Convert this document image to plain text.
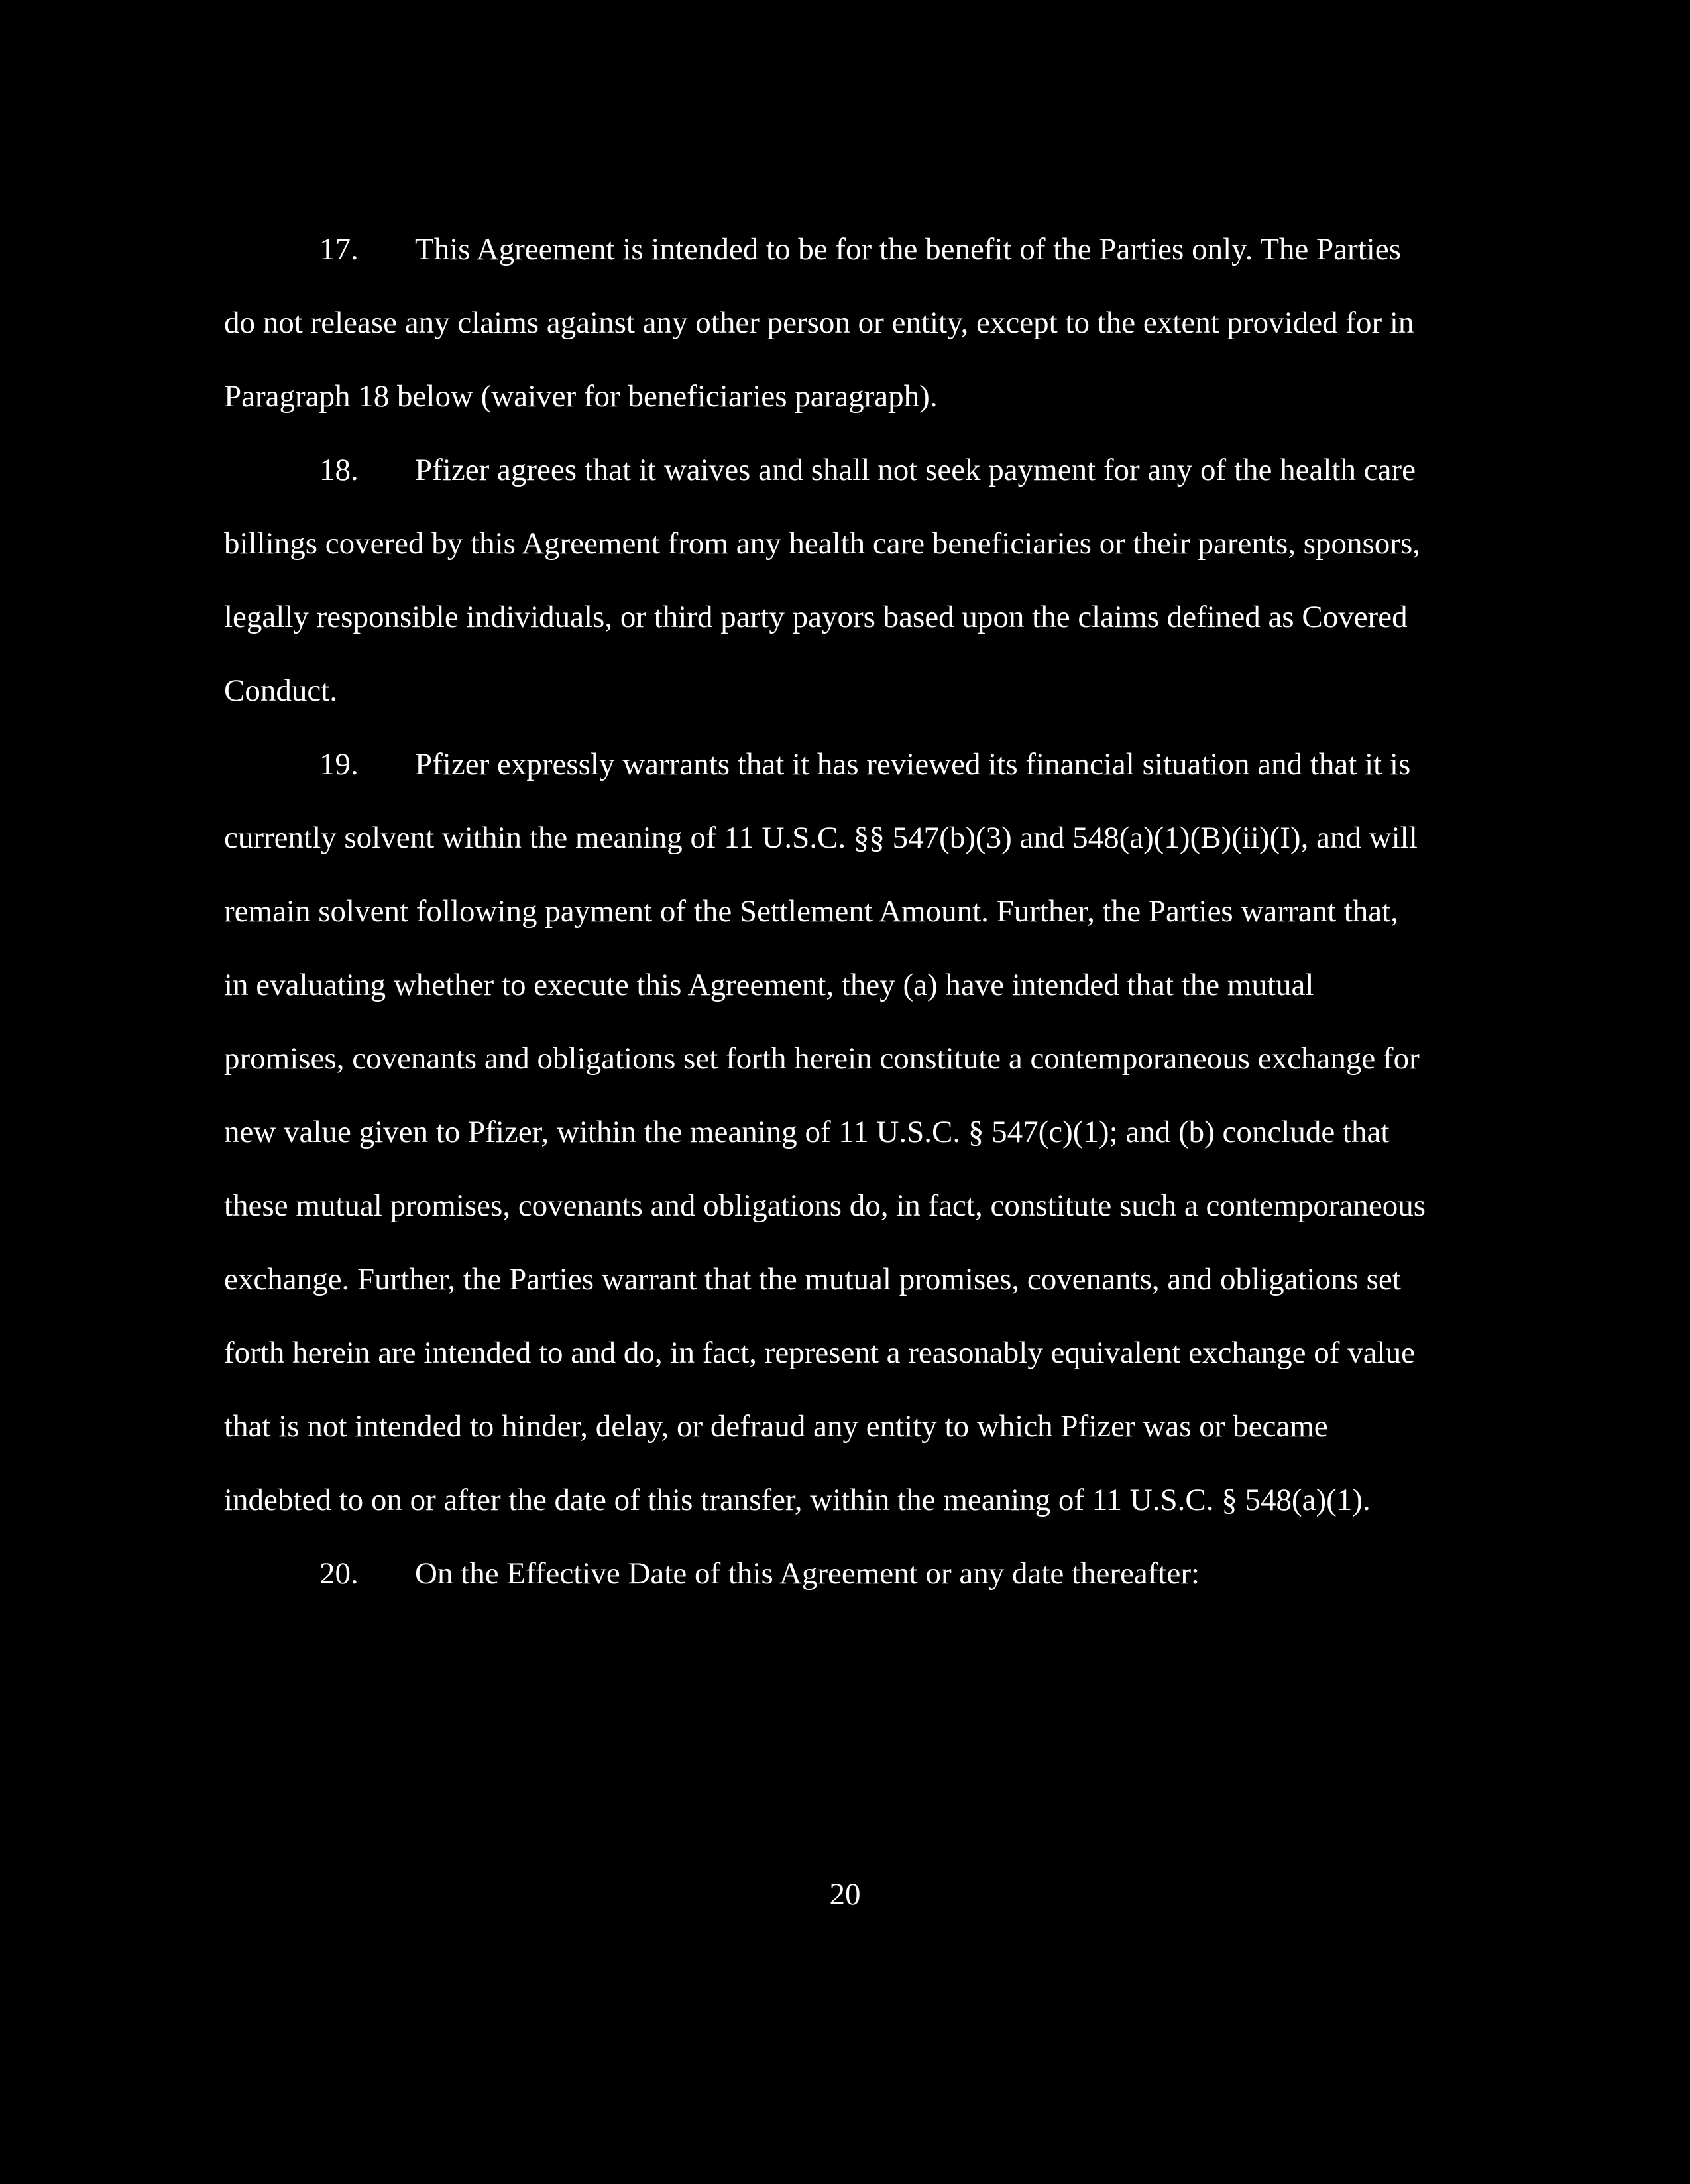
17. This Agreement is intended to be for the benefit of the Parties only. The Parties
do not release any claims against any other person or entity, except to the extent provided for in
Paragraph 18 below (waiver for beneficiaries paragraph).
18. Pfizer agrees that it waives and shall not seek payment for any of the health care
billings covered by this Agreement from any health care beneficiaries or their parents, sponsors,
legally responsible individuals, or third party payors based upon the claims defined as Covered
Conduct.
19. Pfizer expressly warrants that it has reviewed its financial situation and that it is
currently solvent within the meaning of 11 U.S.C. §§ 547(b)(3) and 548(a)(1)(B)(ii)(I), and will
remain solvent following payment of the Settlement Amount. Further, the Parties warrant that,
in evaluating whether to execute this Agreement, they (a) have intended that the mutual
promises, covenants and obligations set forth herein constitute a contemporaneous exchange for
new value given to Pfizer, within the meaning of 11 U.S.C. § 547(c)(1); and (b) conclude that
these mutual promises, covenants and obligations do, in fact, constitute such a contemporaneous
exchange. Further, the Parties warrant that the mutual promises, covenants, and obligations set
forth herein are intended to and do, in fact, represent a reasonably equivalent exchange of value
that is not intended to hinder, delay, or defraud any entity to which Pfizer was or became
indebted to on or after the date of this transfer, within the meaning of 11 U.S.C. § 548(a)(1).
20. On the Effective Date of this Agreement or any date thereafter:
20
